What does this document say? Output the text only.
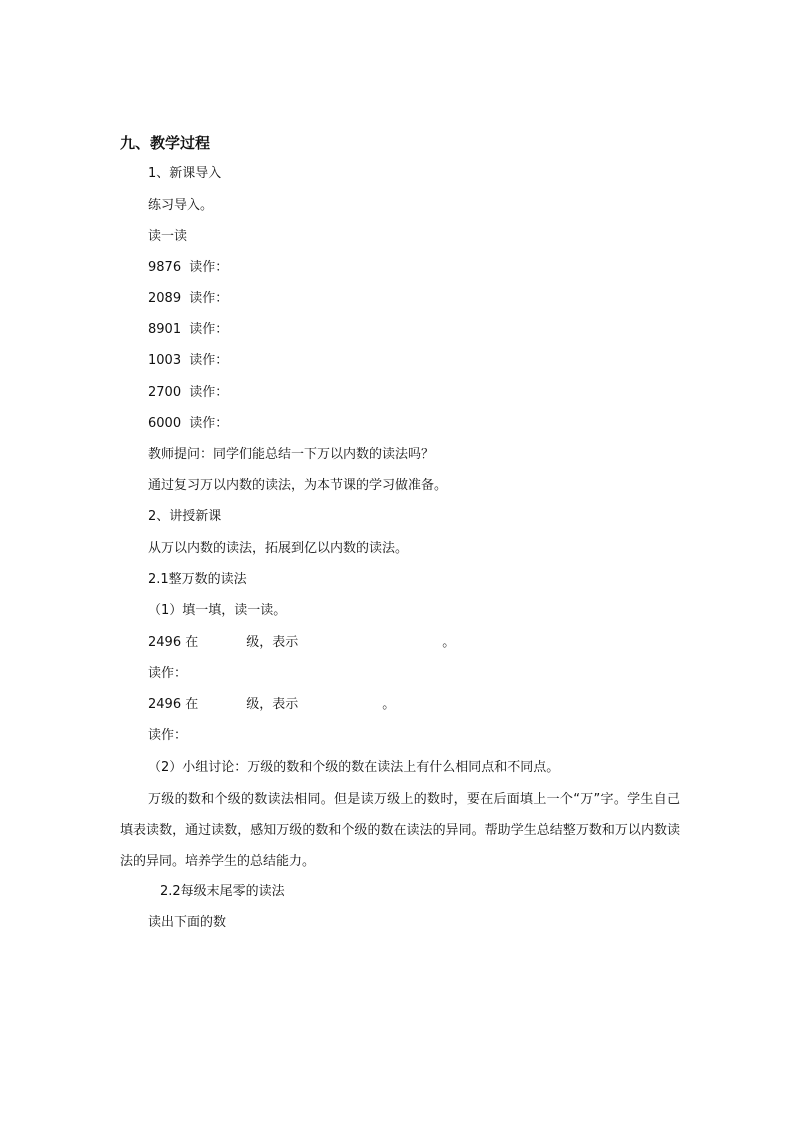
九、教学过程
1、新课导入
练习导入。
读一读
9876 读作：
2089 读作：
8901 读作：
1003 读作：
2700 读作：
6000 读作：
教师提问：同学们能总结一下万以内数的读法吗？
通过复习万以内数的读法，为本节课的学习做准备。
2、讲授新课
从万以内数的读法，拓展到亿以内数的读法。
2.1整万数的读法
（1）填一填，读一读。
2496 在	级，表示	。
读作：
2496 在	级，表示	。
读作：
（2）小组讨论：万级的数和个级的数在读法上有什么相同点和不同点。
万级的数和个级的数读法相同。但是读万级上的数时，要在后面填上一个“万”字。学生自己填表读数，通过读数，感知万级的数和个级的数在读法的异同。帮助学生总结整万数和万以内数读法的异同。培养学生的总结能力。
2.2每级末尾零的读法
读出下面的数
